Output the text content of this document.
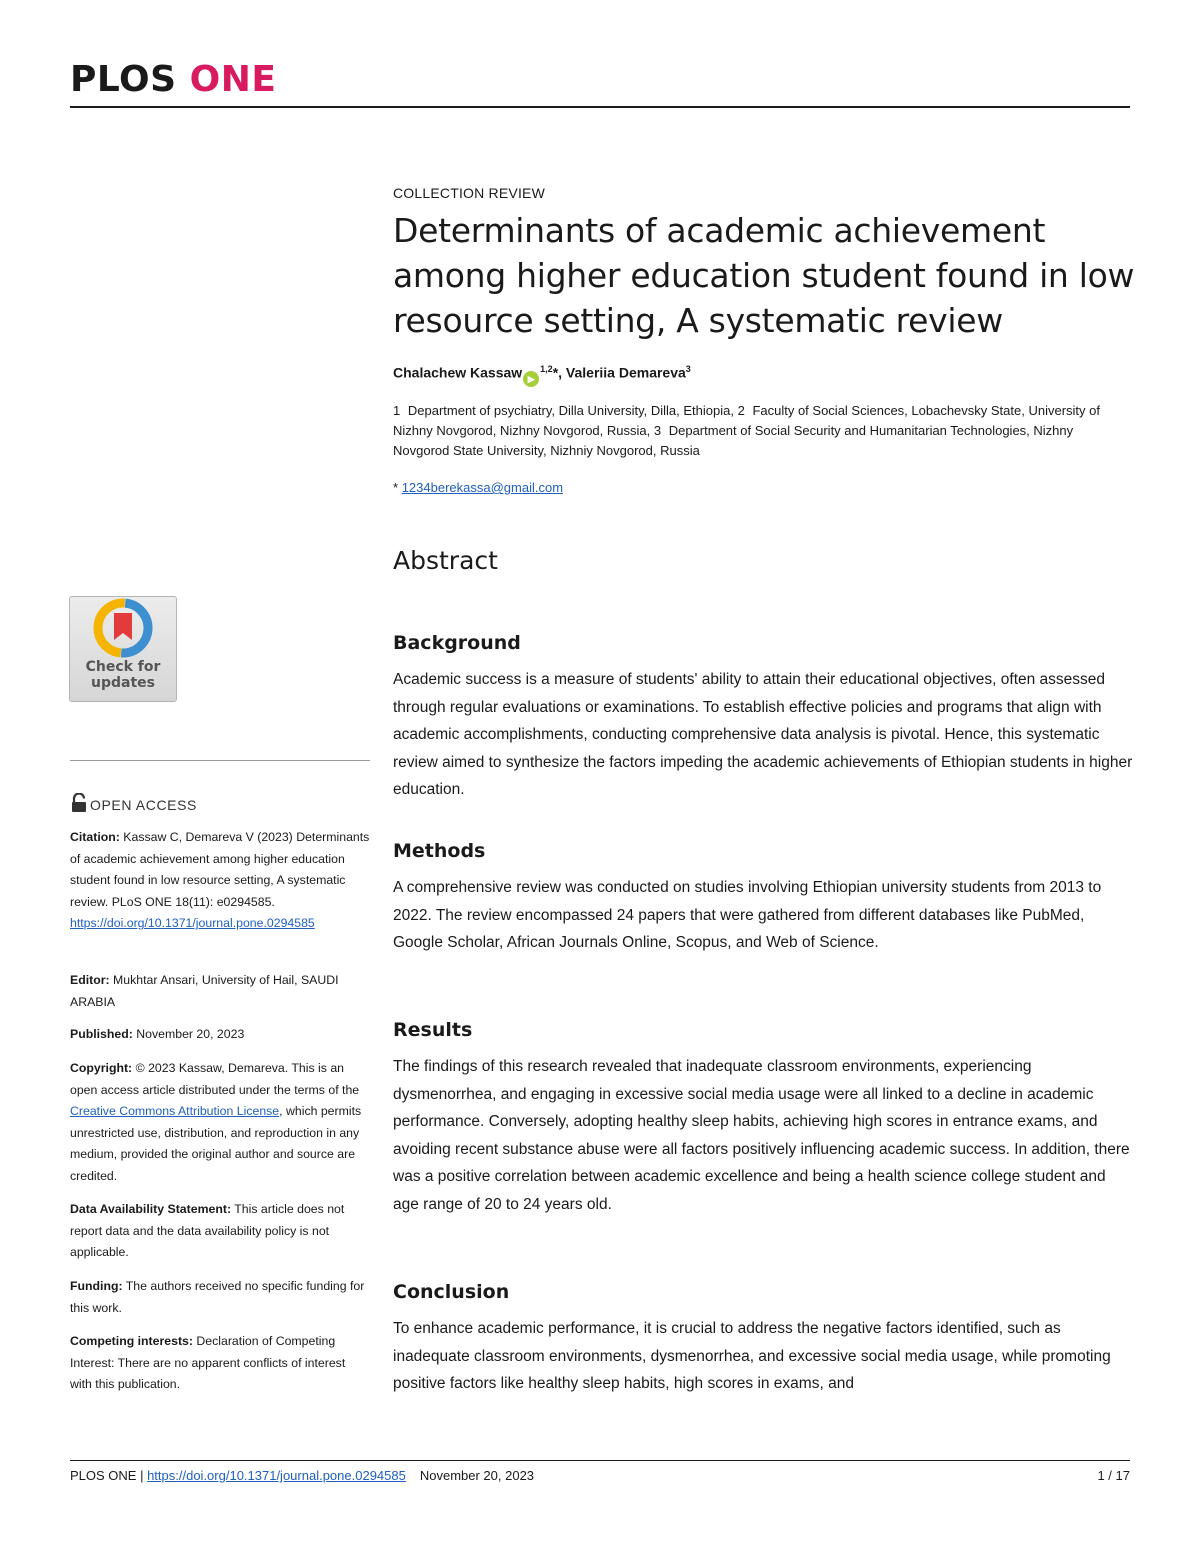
PLOS ONE
COLLECTION REVIEW
Determinants of academic achievement among higher education student found in low resource setting, A systematic review
Chalachew Kassaw ▶$^{1,2}$*, Valeriia Demareva$^3$
1 Department of psychiatry, Dilla University, Dilla, Ethiopia, 2 Faculty of Social Sciences, Lobachevsky State, University of Nizhny Novgorod, Nizhny Novgorod, Russia, 3 Department of Social Security and Humanitarian Technologies, Nizhny Novgorod State University, Nizhniy Novgorod, Russia
* 1234berekassa@gmail.com
Abstract
Background
Academic success is a measure of students' ability to attain their educational objectives, often assessed through regular evaluations or examinations. To establish effective policies and programs that align with academic accomplishments, conducting comprehensive data analysis is pivotal. Hence, this systematic review aimed to synthesize the factors impeding the academic achievements of Ethiopian students in higher education.
Methods
A comprehensive review was conducted on studies involving Ethiopian university students from 2013 to 2022. The review encompassed 24 papers that were gathered from different databases like PubMed, Google Scholar, African Journals Online, Scopus, and Web of Science.
Results
The findings of this research revealed that inadequate classroom environments, experiencing dysmenorrhea, and engaging in excessive social media usage were all linked to a decline in academic performance. Conversely, adopting healthy sleep habits, achieving high scores in entrance exams, and avoiding recent substance abuse were all factors positively influencing academic success. In addition, there was a positive correlation between academic excellence and being a health science college student and age range of 20 to 24 years old.
Conclusion
To enhance academic performance, it is crucial to address the negative factors identified, such as inadequate classroom environments, dysmenorrhea, and excessive social media usage, while promoting positive factors like healthy sleep habits, high scores in exams, and
Check for
updates
OPEN ACCESS
Citation: Kassaw C, Demareva V (2023) Determinants of academic achievement among higher education student found in low resource setting, A systematic review. PLoS ONE 18(11): e0294585. https://doi.org/10.1371/journal.pone.0294585
Editor: Mukhtar Ansari, University of Hail, SAUDI ARABIA
Published: November 20, 2023
Copyright: © 2023 Kassaw, Demareva. This is an open access article distributed under the terms of the Creative Commons Attribution License, which permits unrestricted use, distribution, and reproduction in any medium, provided the original author and source are credited.
Data Availability Statement: This article does not report data and the data availability policy is not applicable.
Funding: The authors received no specific funding for this work.
Competing interests: Declaration of Competing Interest: There are no apparent conflicts of interest with this publication.
PLOS ONE | https://doi.org/10.1371/journal.pone.0294585 November 20, 2023	1 / 17
